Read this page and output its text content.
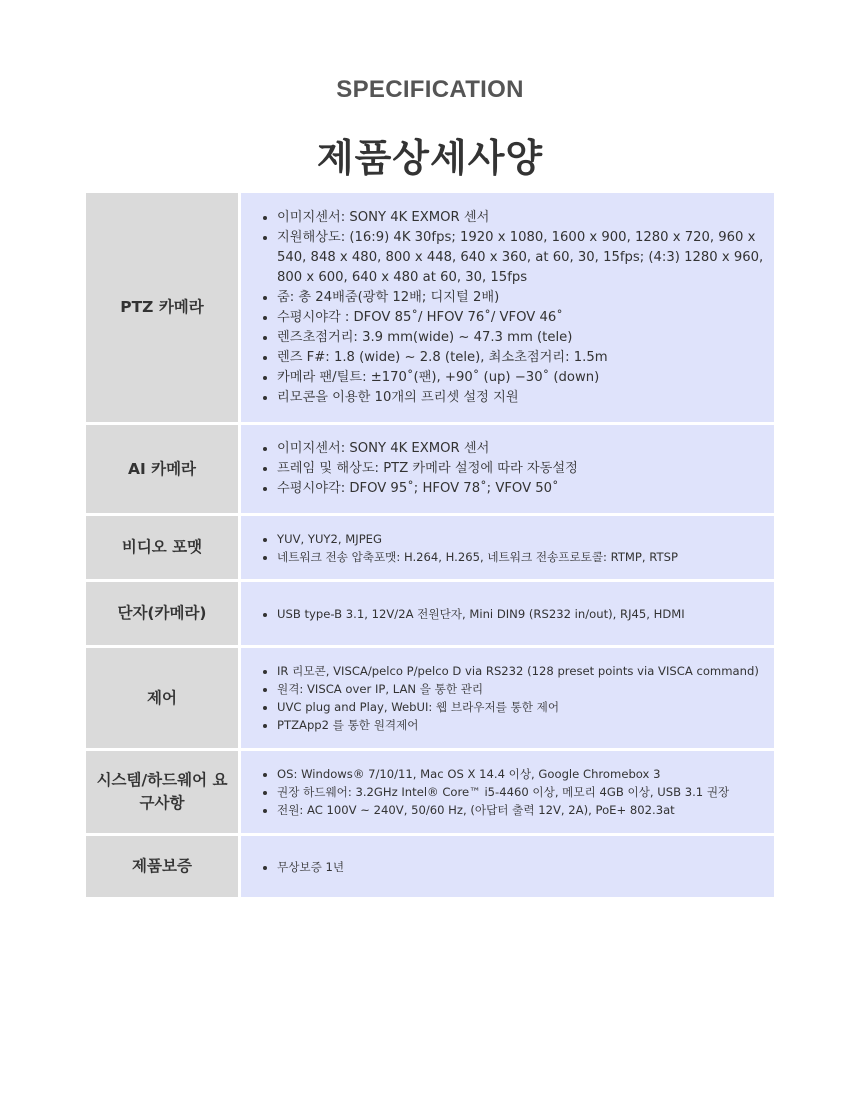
SPECIFICATION
제품상세사양
PTZ 카메라
• 이미지센서: SONY 4K EXMOR 센서
• 지원해상도: (16:9) 4K 30fps; 1920 x 1080, 1600 x 900, 1280 x 720, 960 x 540, 848 x 480, 800 x 448, 640 x 360, at 60, 30, 15fps; (4:3) 1280 x 960, 800 x 600, 640 x 480 at 60, 30, 15fps
• 줌: 총 24배줌(광학 12배; 디지털 2배)
• 수평시야각 : DFOV 85˚/ HFOV 76˚/ VFOV 46˚
• 렌즈초점거리: 3.9 mm(wide) ~ 47.3 mm (tele)
• 렌즈 F#: 1.8 (wide) ~ 2.8 (tele), 최소초점거리: 1.5m
• 카메라 팬/틸트: ±170˚(팬), +90˚ (up) −30˚ (down)
• 리모콘을 이용한 10개의 프리셋 설정 지원
AI 카메라
• 이미지센서: SONY 4K EXMOR 센서
• 프레임 및 해상도: PTZ 카메라 설정에 따라 자동설정
• 수평시야각: DFOV 95˚; HFOV 78˚; VFOV 50˚
비디오 포맷	• YUV, YUY2, MJPEG
• 네트워크 전송 압축포맷: H.264, H.265, 네트워크 전송프로토콜: RTMP, RTSP
단자(카메라)	• USB type-B 3.1, 12V/2A 전원단자, Mini DIN9 (RS232 in/out), RJ45, HDMI
제어
• IR 리모콘, VISCA/pelco P/pelco D via RS232 (128 preset points via VISCA command)
• 원격: VISCA over IP, LAN 을 통한 관리
• UVC plug and Play, WebUI: 웹 브라우저를 통한 제어
• PTZApp2 를 통한 원격제어
시스템/하드웨어 요구사항
• OS: Windows® 7/10/11, Mac OS X 14.4 이상, Google Chromebox 3
• 권장 하드웨어: 3.2GHz Intel® Core™ i5-4460 이상, 메모리 4GB 이상, USB 3.1 권장
• 전원: AC 100V ~ 240V, 50/60 Hz, (아답터 출력 12V, 2A), PoE+ 802.3at
제품보증	• 무상보증 1년
